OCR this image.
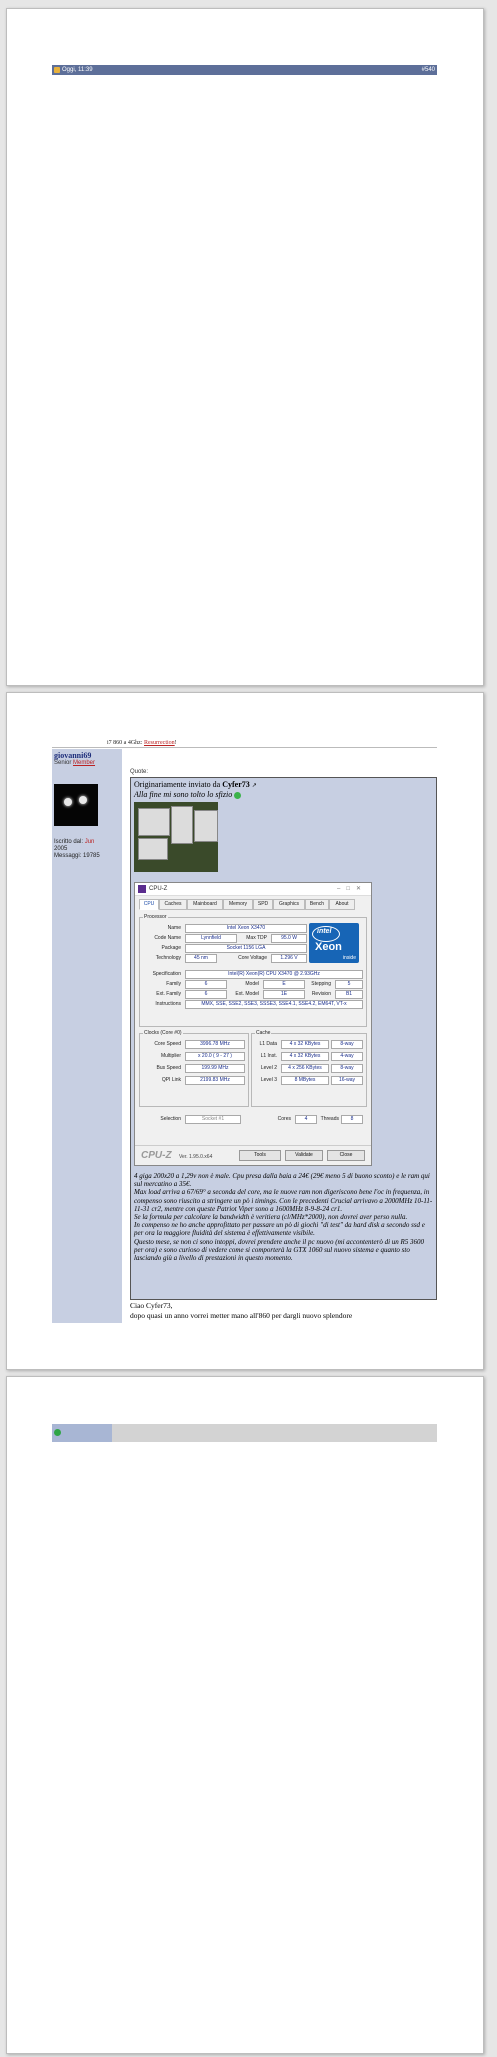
Oggi, 11:39	#540
i7 860 a 4Ghz: Resurrection!
giovanni69
Senior Member
Iscritto dal: Jun
2005
Messaggi: 19785
Quote:
Originariamente inviato da Cyfer73 ↗
Alla fine mi sono tolto lo sfizio
CPU-Z	–□✕
CPU	Caches	Mainboard	Memory	SPD	Graphics	Bench	About
Processor
Name	Intel Xeon X3470
Code Name	Lynnfield	Max TDP	95.0 W
Package	Socket 1156 LGA
Technology	45 nm	Core Voltage	1.296 V
intel
Xeon
inside
Specification	Intel(R) Xeon(R) CPU X3470 @ 2.93GHz
Family	6	Model	E	Stepping	5
Ext. Family	6	Ext. Model	1E	Revision	B1
Instructions	MMX, SSE, SSE2, SSE3, SSSE3, SSE4.1, SSE4.2, EM64T, VT-x
Clocks (Core #0)
Core Speed	3996.78 MHz
Multiplier	x 20.0 ( 9 - 27 )
Bus Speed	199.99 MHz
QPI Link	2199.83 MHz
Cache
L1 Data	4 x 32 KBytes	8-way
L1 Inst.	4 x 32 KBytes	4-way
Level 2	4 x 256 KBytes	8-way
Level 3	8 MBytes	16-way
Selection	Socket #1	Cores	4	Threads	8
CPU-Z Ver. 1.95.0.x64	Tools	Validate	Close
4 giga 200x20 a 1,29v non è male. Cpu presa dalla baia a 24€ (29€ meno 5 di buono sconto) e le ram qui sul mercatino a 35€.
Max load arriva a 67/69° a seconda del core, ma le nuove ram non digeriscono bene l'oc in frequenza, in compenso sono riuscito a stringere un pò i timings. Con le precedenti Crucial arrivavo a 2000MHz 10-11-11-31 cr2, mentre con queste Patriot Viper sono a 1600MHz 8-9-8-24 cr1.
Se la formula per calcolare la bandwidth è veritiera (cl/MHz*2000), non dovrei aver perso nulla.
In compenso ne ho anche approfittato per passare un pò di giochi "di test" da hard disk a secondo ssd e per ora la maggiore fluidità del sistema è effettivamente visibile.
Questo mese, se non ci sono intoppi, dovrei prendere anche il pc nuovo (mi accontenterò di un R5 3600 per ora) e sono curioso di vedere come si comporterà la GTX 1060 sul nuovo sistema e quanto sto lasciando giù a livello di prestazioni in questo momento.
Ciao Cyfer73,
dopo quasi un anno vorrei metter mano all'860 per dargli nuovo splendore
